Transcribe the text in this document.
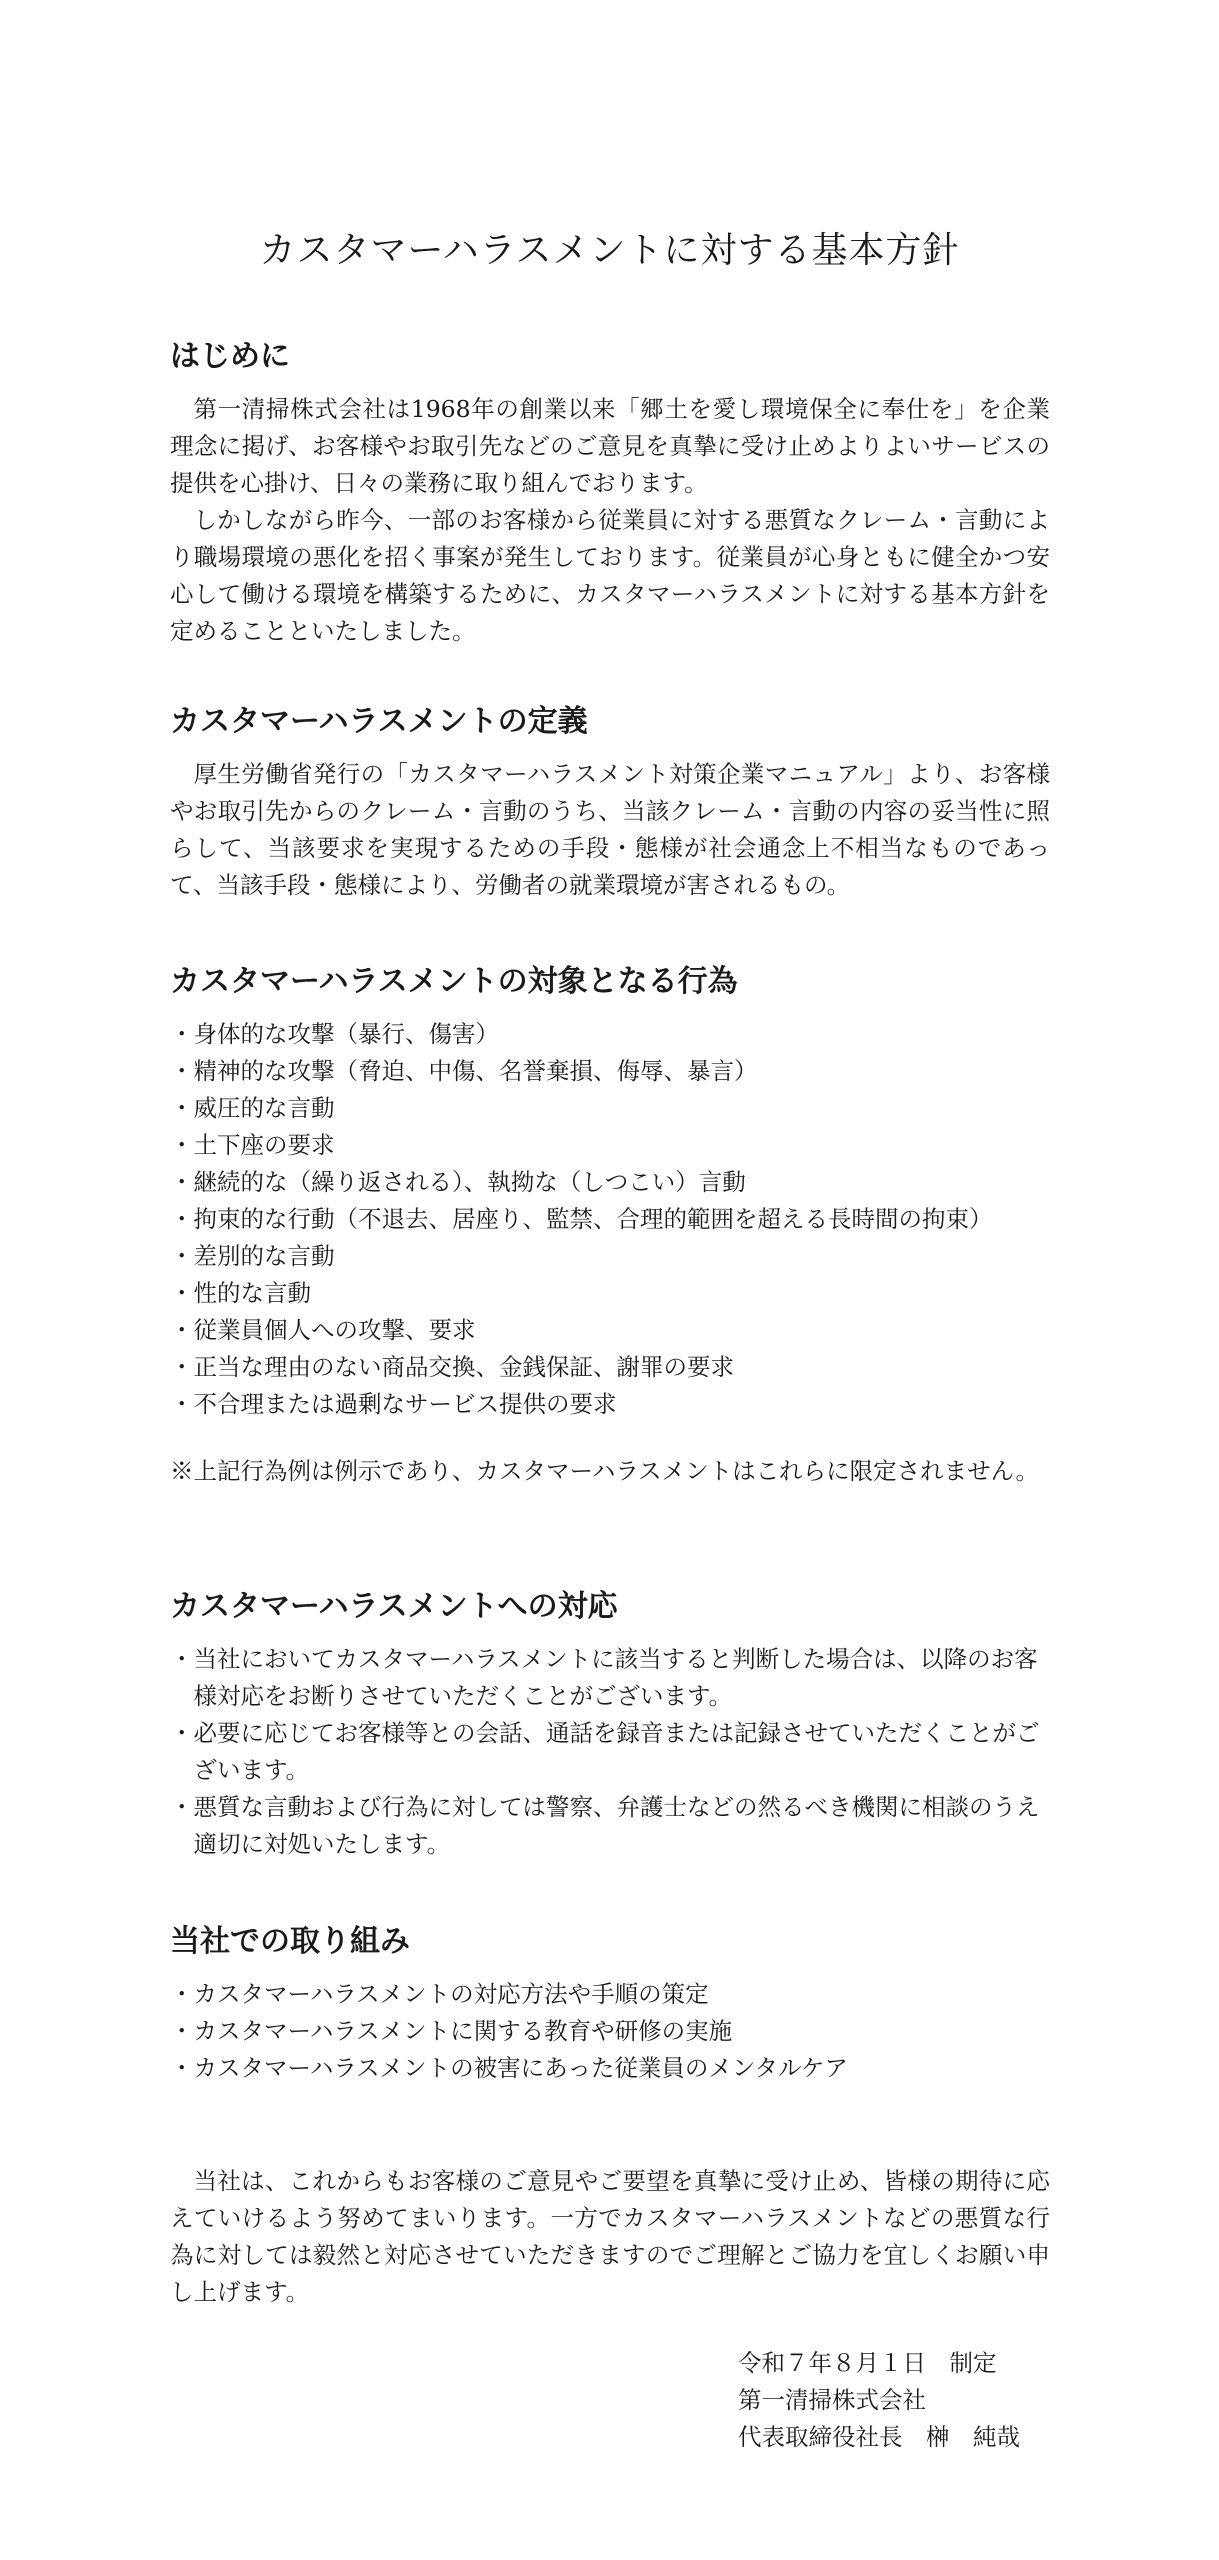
カスタマーハラスメントに対する基本方針
はじめに

第一清掃株式会社は1968年の創業以来「郷土を愛し環境保全に奉仕を」を企業理念に掲げ、お客様やお取引先などのご意見を真摯に受け止めよりよいサービスの提供を心掛け、日々の業務に取り組んでおります。

しかしながら昨今、一部のお客様から従業員に対する悪質なクレーム・言動により職場環境の悪化を招く事案が発生しております。従業員が心身ともに健全かつ安心して働ける環境を構築するために、カスタマーハラスメントに対する基本方針を定めることといたしました。

カスタマーハラスメントの定義

厚生労働省発行の「カスタマーハラスメント対策企業マニュアル」より、お客様やお取引先からのクレーム・言動のうち、当該クレーム・言動の内容の妥当性に照らして、当該要求を実現するための手段・態様が社会通念上不相当なものであって、当該手段・態様により、労働者の就業環境が害されるもの。

カスタマーハラスメントの対象となる行為
・ 身体的な攻撃（暴行、傷害）
・ 精神的な攻撃（脅迫、中傷、名誉棄損、侮辱、暴言）
・ 威圧的な言動
・ 土下座の要求
・ 継続的な（繰り返される）、執拗な（しつこい）言動
・ 拘束的な行動（不退去、居座り、監禁、合理的範囲を超える長時間の拘束）
・ 差別的な言動
・ 性的な言動
・ 従業員個人への攻撃、要求
・ 正当な理由のない商品交換、金銭保証、謝罪の要求
・ 不合理または過剰なサービス提供の要求

※上記行為例は例示であり、カスタマーハラスメントはこれらに限定されません。

カスタマーハラスメントへの対応
・ 当社においてカスタマーハラスメントに該当すると判断した場合は、以降のお客様対応をお断りさせていただくことがございます。
・ 必要に応じてお客様等との会話、通話を録音または記録させていただくことがございます。
・ 悪質な言動および行為に対しては警察、弁護士などの然るべき機関に相談のうえ適切に対処いたします。
当社での取り組み
・ カスタマーハラスメントの対応方法や手順の策定
・ カスタマーハラスメントに関する教育や研修の実施
・ カスタマーハラスメントの被害にあった従業員のメンタルケア

当社は、これからもお客様のご意見やご要望を真摯に受け止め、皆様の期待に応えていけるよう努めてまいります。一方でカスタマーハラスメントなどの悪質な行為に対しては毅然と対応させていただきますのでご理解とご協力を宜しくお願い申し上げます。

令和７年８月１日　制定
第一清掃株式会社
代表取締役社長　榊　純哉
